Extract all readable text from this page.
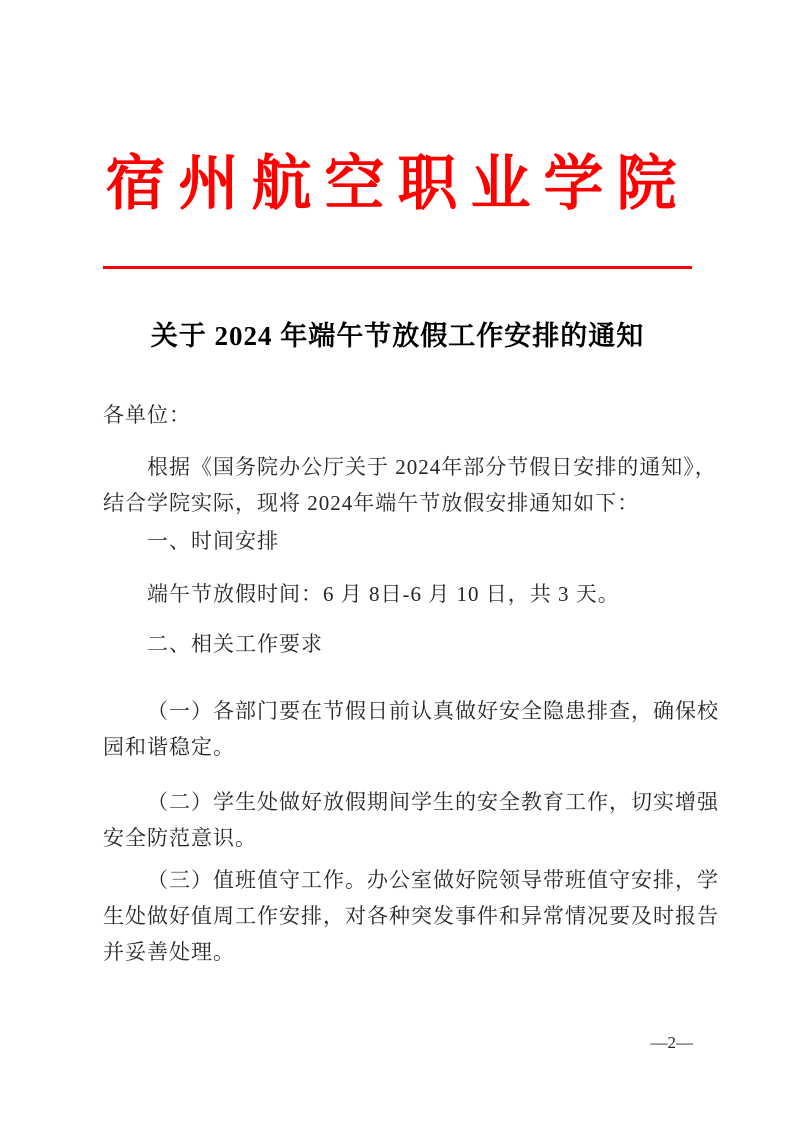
宿州航空职业学院
关于 2024 年端午节放假工作安排的通知
各单位：
根据《国务院办公厅关于 2024年部分节假日安排的通知》，
结合学院实际，现将 2024年端午节放假安排通知如下：
一、时间安排
端午节放假时间：6 月 8日-6 月 10 日，共 3 天。
二、相关工作要求
（一）各部门要在节假日前认真做好安全隐患排查，确保校
园和谐稳定。
（二）学生处做好放假期间学生的安全教育工作，切实增强
安全防范意识。
（三）值班值守工作。办公室做好院领导带班值守安排，学
生处做好值周工作安排，对各种突发事件和异常情况要及时报告
并妥善处理。
—2—
